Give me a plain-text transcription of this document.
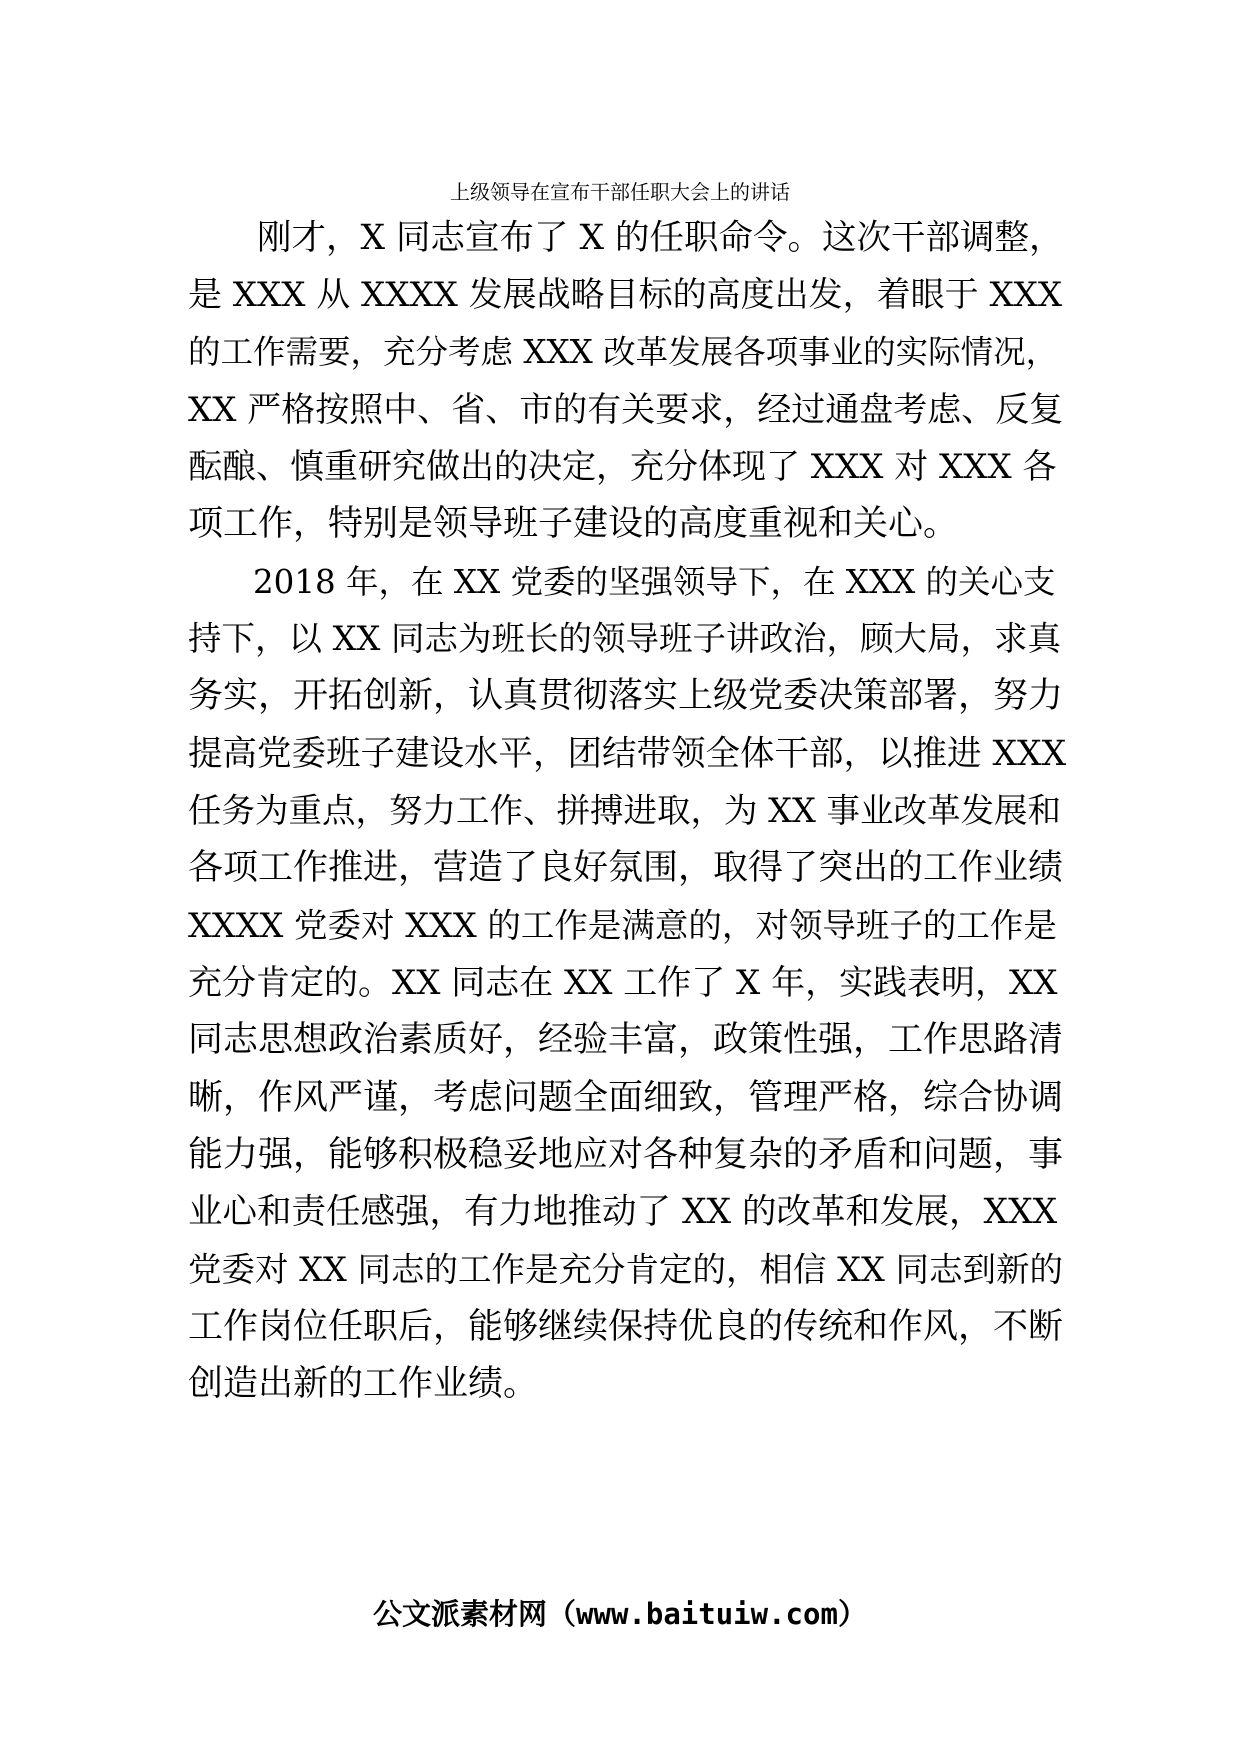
上级领导在宣布干部任职大会上的讲话
　　刚才，X 同志宣布了 X 的任职命令。这次干部调整，
是 XXX 从 XXXX 发展战略目标的高度出发，着眼于 XXX
的工作需要，充分考虑 XXX 改革发展各项事业的实际情况，
XX 严格按照中、省、市的有关要求，经过通盘考虑、反复
酝酿、慎重研究做出的决定，充分体现了 XXX 对 XXX 各
项工作，特别是领导班子建设的高度重视和关心。
　　2018 年，在 XX 党委的坚强领导下，在 XXX 的关心支
持下，以 XX 同志为班长的领导班子讲政治，顾大局，求真
务实，开拓创新，认真贯彻落实上级党委决策部署，努力
提高党委班子建设水平，团结带领全体干部，以推进 XXX
任务为重点，努力工作、拼搏进取，为 XX 事业改革发展和
各项工作推进，营造了良好氛围，取得了突出的工作业绩
XXXX 党委对 XXX 的工作是满意的，对领导班子的工作是
充分肯定的。XX 同志在 XX 工作了 X 年，实践表明，XX
同志思想政治素质好，经验丰富，政策性强，工作思路清
晰，作风严谨，考虑问题全面细致，管理严格，综合协调
能力强，能够积极稳妥地应对各种复杂的矛盾和问题，事
业心和责任感强，有力地推动了 XX 的改革和发展，XXX
党委对 XX 同志的工作是充分肯定的，相信 XX 同志到新的
工作岗位任职后，能够继续保持优良的传统和作风，不断
创造出新的工作业绩。
公文派素材网（www.baituiw.com）
